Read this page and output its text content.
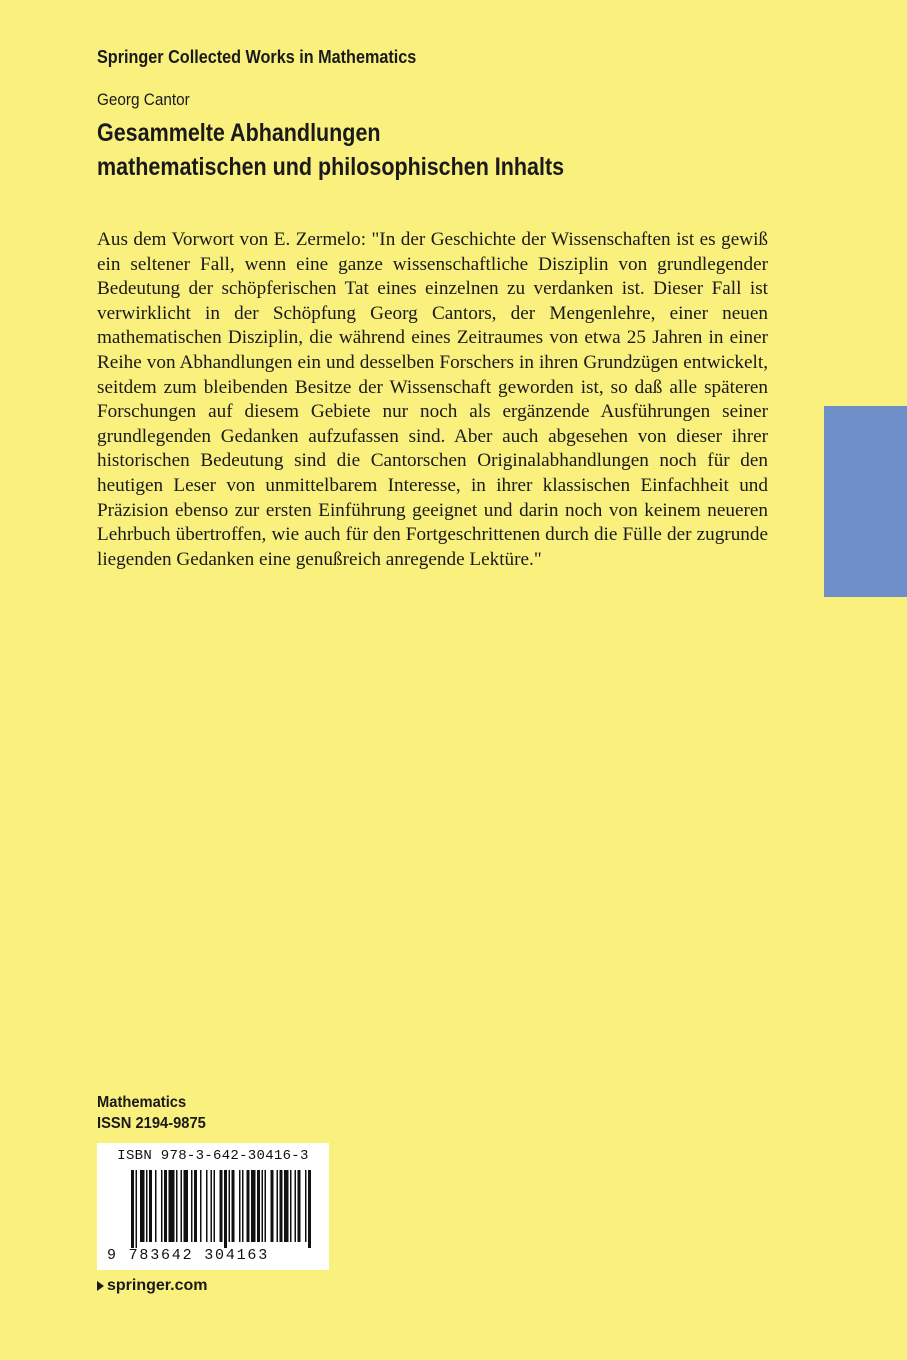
Springer Collected Works in Mathematics
Georg Cantor
Gesammelte Abhandlungen
mathematischen und philosophischen Inhalts

Aus dem Vorwort von E. Zermelo: "In der Geschichte der Wissenschaften ist es gewiß ein seltener Fall, wenn eine ganze wissenschaftliche Disziplin von grundlegender Bedeutung der schöpferischen Tat eines einzelnen zu verdanken ist. Dieser Fall ist verwirklicht in der Schöpfung Georg Cantors, der Mengenlehre, einer neuen mathematischen Disziplin, die während eines Zeitraumes von etwa 25 Jahren in einer Reihe von Abhandlungen ein und desselben Forschers in ihren Grundzügen entwickelt, seitdem zum bleibenden Besitze der Wissenschaft geworden ist, so daß alle späteren Forschungen auf diesem Gebiete nur noch als ergänzende Ausführungen seiner grundlegenden Gedanken aufzufassen sind. Aber auch abgesehen von dieser ihrer historischen Bedeutung sind die Cantorschen Originalabhandlungen noch für den heutigen Leser von unmittelbarem Interesse, in ihrer klassischen Einfachheit und Präzision ebenso zur ersten Einführung geeignet und darin noch von keinem neueren Lehrbuch übertroffen, wie auch für den Fortgeschrittenen durch die Fülle der zugrunde liegenden Gedanken eine genußreich anregende Lektüre."

Mathematics
ISSN 2194-9875
ISBN 978-3-642-30416-3
9 783642 304163
springer.com
